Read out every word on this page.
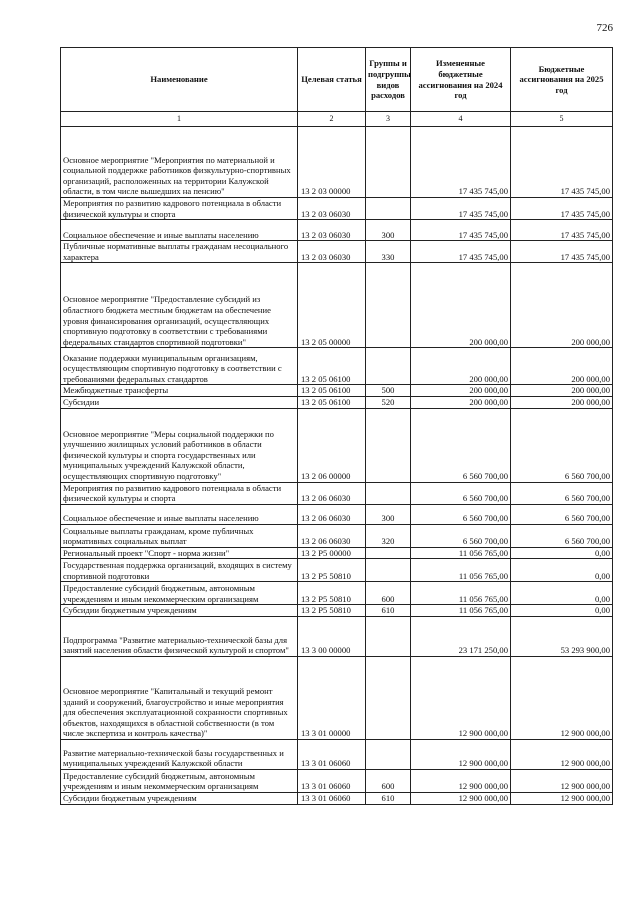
726
Наименование	Целевая статья	Группы и подгруппы видов расходов	Измененные бюджетные ассигнования на 2024 год	Бюджетные ассигнования на 2025 год
1	2	3	4	5
Основное мероприятие "Мероприятия по материальной и социальной поддержке работников физкультурно-спортивных организаций, расположенных на территории Калужской области, в том числе вышедших на пенсию"	13 2 03 00000		17 435 745,00	17 435 745,00
Мероприятия по развитию кадрового потенциала в области физической культуры и спорта	13 2 03 06030		17 435 745,00	17 435 745,00
Социальное обеспечение и иные выплаты населению	13 2 03 06030	300	17 435 745,00	17 435 745,00
Публичные нормативные выплаты гражданам несоциального характера	13 2 03 06030	330	17 435 745,00	17 435 745,00
Основное мероприятие "Предоставление субсидий из областного бюджета местным бюджетам на обеспечение уровня финансирования организаций, осуществляющих спортивную подготовку в соответствии с требованиями федеральных стандартов спортивной подготовки"	13 2 05 00000		200 000,00	200 000,00
Оказание поддержки муниципальным организациям, осуществляющим спортивную подготовку в соответствии с требованиями федеральных стандартов	13 2 05 06100		200 000,00	200 000,00
Межбюджетные трансферты	13 2 05 06100	500	200 000,00	200 000,00
Субсидии	13 2 05 06100	520	200 000,00	200 000,00
Основное мероприятие "Меры социальной поддержки по улучшению жилищных условий работников в области физической культуры и спорта государственных или муниципальных учреждений Калужской области, осуществляющих спортивную подготовку"	13 2 06 00000		6 560 700,00	6 560 700,00
Мероприятия по развитию кадрового потенциала в области физической культуры и спорта	13 2 06 06030		6 560 700,00	6 560 700,00
Социальное обеспечение и иные выплаты населению	13 2 06 06030	300	6 560 700,00	6 560 700,00
Социальные выплаты гражданам, кроме публичных нормативных социальных выплат	13 2 06 06030	320	6 560 700,00	6 560 700,00
Региональный проект "Спорт - норма жизни"	13 2 P5 00000		11 056 765,00	0,00
Государственная поддержка организаций, входящих в систему спортивной подготовки	13 2 P5 50810		11 056 765,00	0,00
Предоставление субсидий бюджетным, автономным учреждениям и иным некоммерческим организациям	13 2 P5 50810	600	11 056 765,00	0,00
Субсидии бюджетным учреждениям	13 2 P5 50810	610	11 056 765,00	0,00
Подпрограмма "Развитие материально-технической базы для занятий населения области физической культурой и спортом"	13 3 00 00000		23 171 250,00	53 293 900,00
Основное мероприятие "Капитальный и текущий ремонт зданий и сооружений, благоустройство и иные мероприятия для обеспечения эксплуатационной сохранности спортивных объектов, находящихся в областной собственности (в том числе экспертиза и контроль качества)"	13 3 01 00000		12 900 000,00	12 900 000,00
Развитие материально-технической базы государственных и муниципальных учреждений Калужской области	13 3 01 06060		12 900 000,00	12 900 000,00
Предоставление субсидий бюджетным, автономным учреждениям и иным некоммерческим организациям	13 3 01 06060	600	12 900 000,00	12 900 000,00
Субсидии бюджетным учреждениям	13 3 01 06060	610	12 900 000,00	12 900 000,00
